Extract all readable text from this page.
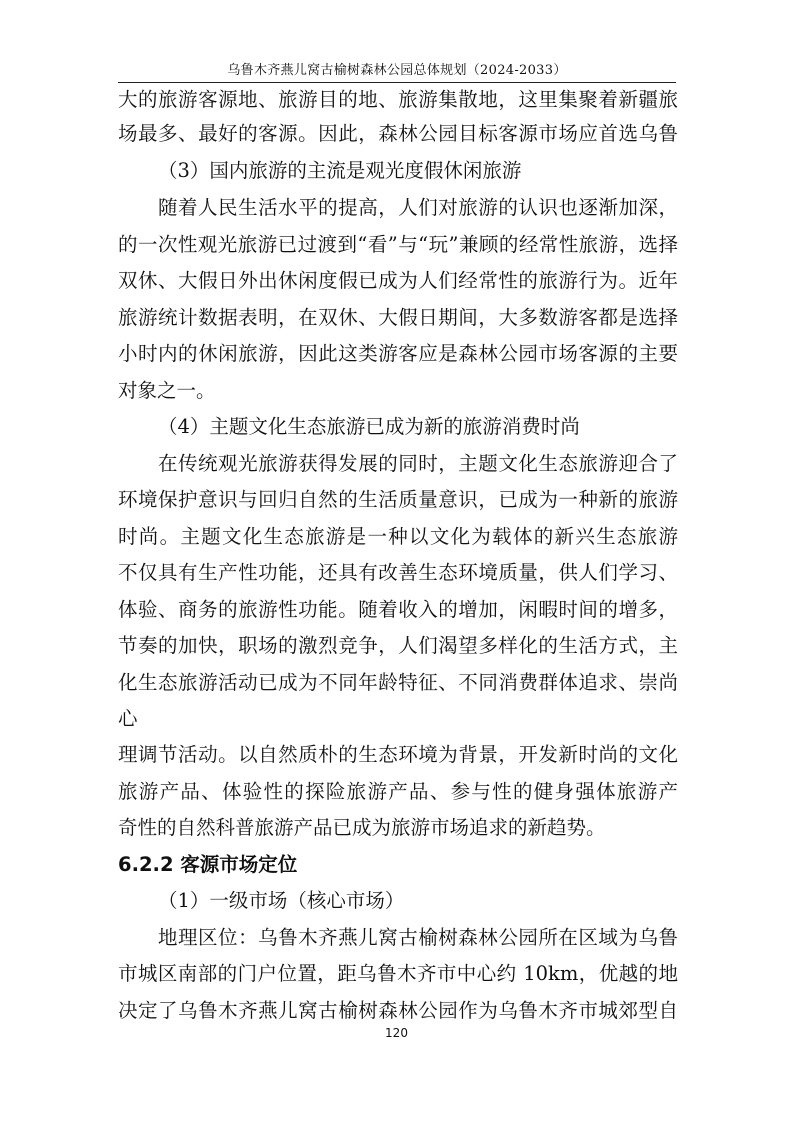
乌鲁木齐燕儿窝古榆树森林公园总体规划（2024-2033）
大的旅游客源地、旅游目的地、旅游集散地，这里集聚着新疆旅
场最多、最好的客源。因此，森林公园目标客源市场应首选乌鲁
（3）国内旅游的主流是观光度假休闲旅游
随着人民生活水平的提高，人们对旅游的认识也逐渐加深，
的一次性观光旅游已过渡到“看”与“玩”兼顾的经常性旅游，选择
双休、大假日外出休闲度假已成为人们经常性的旅游行为。近年
旅游统计数据表明，在双休、大假日期间，大多数游客都是选择
小时内的休闲旅游，因此这类游客应是森林公园市场客源的主要
对象之一。
（4）主题文化生态旅游已成为新的旅游消费时尚
在传统观光旅游获得发展的同时，主题文化生态旅游迎合了
环境保护意识与回归自然的生活质量意识，已成为一种新的旅游
时尚。主题文化生态旅游是一种以文化为载体的新兴生态旅游
不仅具有生产性功能，还具有改善生态环境质量，供人们学习、
体验、商务的旅游性功能。随着收入的增加，闲暇时间的增多，
节奏的加快，职场的激烈竞争，人们渴望多样化的生活方式，主
化生态旅游活动已成为不同年龄特征、不同消费群体追求、崇尚
心
理调节活动。以自然质朴的生态环境为背景，开发新时尚的文化
旅游产品、体验性的探险旅游产品、参与性的健身强体旅游产
奇性的自然科普旅游产品已成为旅游市场追求的新趋势。
6.2.2 客源市场定位
（1）一级市场（核心市场）
地理区位：乌鲁木齐燕儿窝古榆树森林公园所在区域为乌鲁
市城区南部的门户位置，距乌鲁木齐市中心约 10km，优越的地
决定了乌鲁木齐燕儿窝古榆树森林公园作为乌鲁木齐市城郊型自
120
